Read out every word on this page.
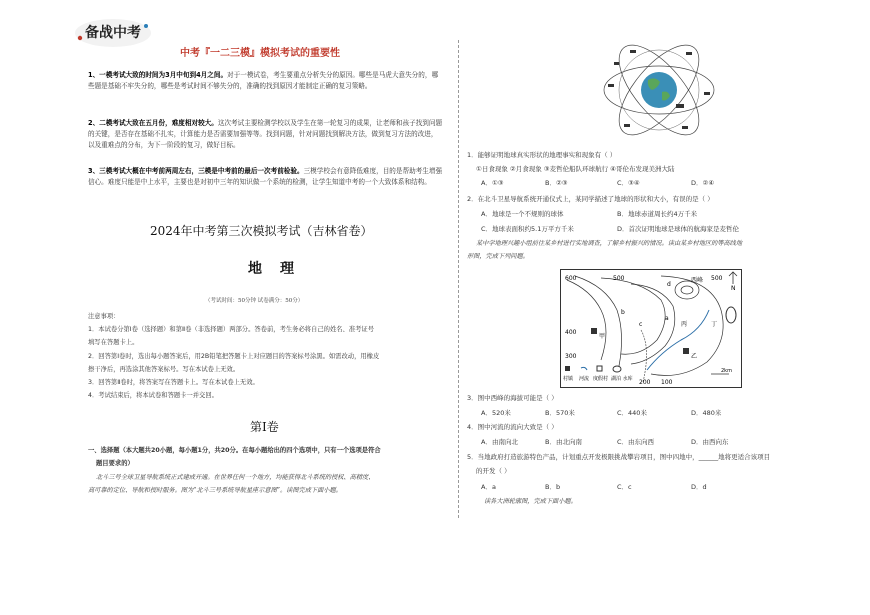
备战中考
中考『一二三模』模拟考试的重要性
1、一模考试大致的时间为3月中旬到4月之间。对于一模试卷，考生要重点分析失分的原因。哪些是马虎大意失分的，哪些题是基础不牢失分的，哪些是考试时间不够失分的，准确的找到原因才能制定正确的复习策略。
2、二模考试大致在五月份，难度相对较大。这次考试主要检测学校以及学生在第一轮复习的成果，让老师和孩子找到问题的关键，是否存在基础不扎实，计算能力是否需要加强等等。找到问题，针对问题找到解决方法，做到复习方法的改进，以及重难点的分布，为下一阶段的复习，做好目标。
3、三模考试大概在中考前两周左右，三模是中考前的最后一次考前检验。三模学校会有意降低难度，目的是帮助考生增强信心。难度只能是中上水平，主要也是对初中三年的知识做一个系统的检测，让学生知道中考的一个大致体系和结构。
2024年中考第三次模拟考试（吉林省卷）
地理
（考试时间：50分钟 试卷满分：50分）
注意事项：
1．本试卷分第Ⅰ卷（选择题）和第Ⅱ卷（非选择题）两部分。答卷前，考生务必将自己的姓名、准考证号
填写在答题卡上。
2．回答第Ⅰ卷时，选出每小题答案后，用2B铅笔把答题卡上对应题目的答案标号涂黑。如需改动，用橡皮
擦干净后，再选涂其他答案标号。写在本试卷上无效。
3．回答第Ⅱ卷时，将答案写在答题卡上。写在本试卷上无效。
4．考试结束后，将本试卷和答题卡一并交回。
第Ⅰ卷
一、选择题（本大题共20小题，每小题1分，共20分。在每小题给出的四个选项中，只有一个选项是符合
题目要求的）
北斗三号全球卫星导航系统正式建成开通。在世界任何一个地方，均能获得北斗系统的授权、高精度、
高可靠的定位、导航和授时服务。图为“北斗三号系统导航星座示意图”。读图完成下面小题。
1．能够证明地球真实形状的地理事实和现象有（ ）
①日食现象 ②月食现象 ③麦哲伦船队环球航行 ④哥伦布发现美洲大陆
A．①③	B．②③	C．③④	D．②④
2．在北斗卫星导航系统开通仪式上，某同学描述了地球的形状和大小，有误的是（ ）
A．地球是一个不规则的球体	B．地球赤道周长约4万千米
C．地球表面积约5.1万平方千米	D．首次证明地球是球体的航海家是麦哲伦
某中学地理兴趣小组前往某乡村进行实地调查，了解乡村振兴的情况。读由某乡村地区的等高线地
形图，完成下列问题。
N
600	500
400
300
200 100
500
西峰
甲
乙
丙	丁
a
b
c
d
村镇 河流 度假村 湖泊 水库
2km
3．图中西峰的海拔可能是（ ）
A．520米	B．570米	C．440米	D．480米
4．图中河流的流向大致是（ ）
A．由南向北	B．由北向南	C．由东向西	D．由西向东
5．当地政府打造旅游特色产品，计划重点开发极限挑战攀岩项目，图中四地中，______地将更适合该项目
的开发（ ）
A．a	B．b	C．c	D．d
读各大洲轮廓图，完成下面小题。
